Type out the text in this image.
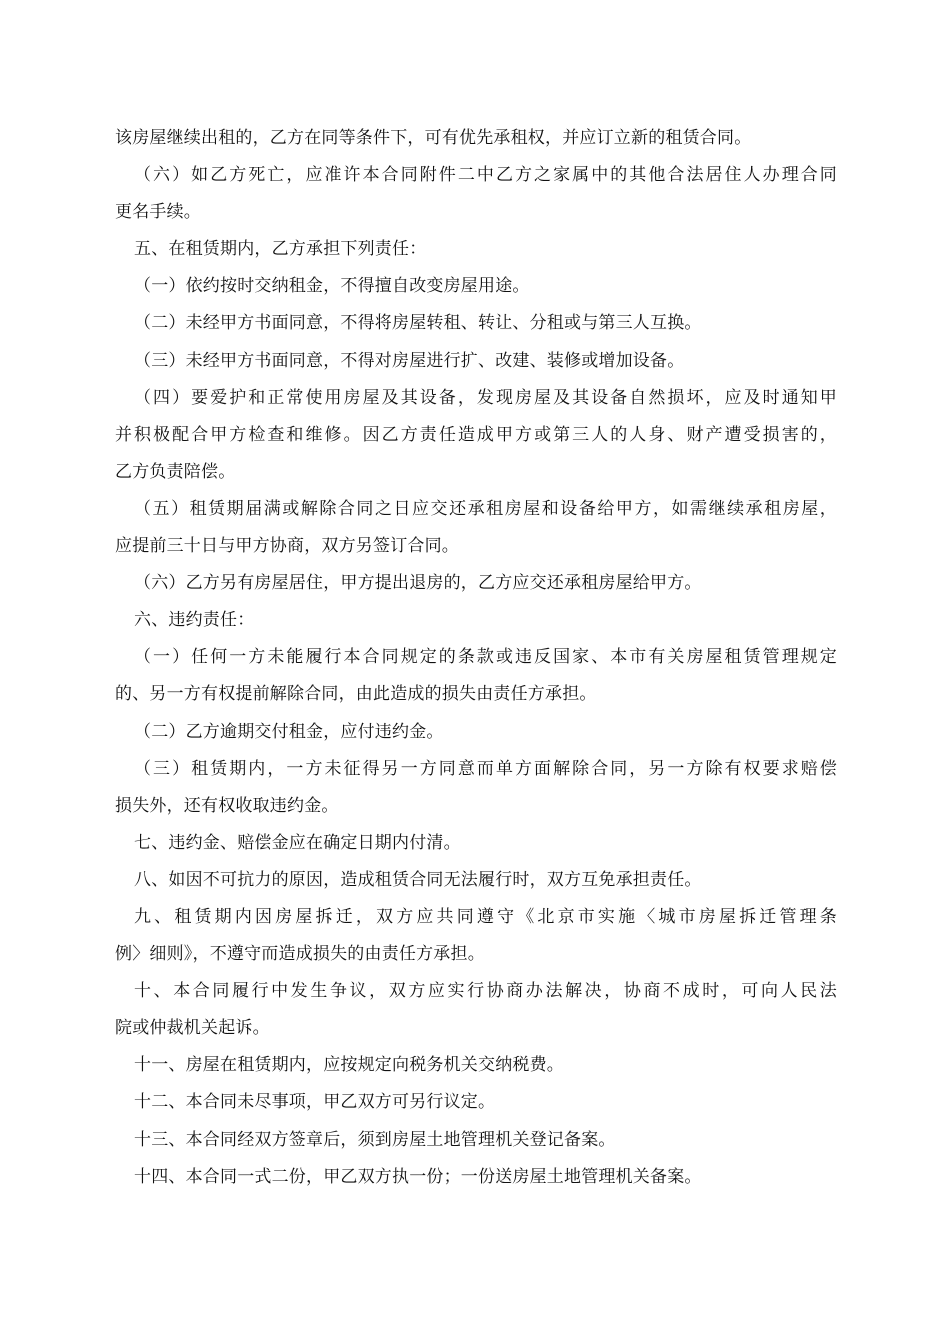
该房屋继续出租的，乙方在同等条件下，可有优先承租权，并应订立新的租赁合同。
（六）如乙方死亡，应准许本合同附件二中乙方之家属中的其他合法居住人办理合同
更名手续。
五、在租赁期内，乙方承担下列责任：
（一）依约按时交纳租金，不得擅自改变房屋用途。
（二）未经甲方书面同意，不得将房屋转租、转让、分租或与第三人互换。
（三）未经甲方书面同意，不得对房屋进行扩、改建、装修或增加设备。
（四）要爱护和正常使用房屋及其设备，发现房屋及其设备自然损坏，应及时通知甲
并积极配合甲方检查和维修。因乙方责任造成甲方或第三人的人身、财产遭受损害的，
乙方负责陪偿。
（五）租赁期届满或解除合同之日应交还承租房屋和设备给甲方，如需继续承租房屋，
应提前三十日与甲方协商，双方另签订合同。
（六）乙方另有房屋居住，甲方提出退房的，乙方应交还承租房屋给甲方。
六、违约责任：
（一）任何一方未能履行本合同规定的条款或违反国家、本市有关房屋租赁管理规定
的、另一方有权提前解除合同，由此造成的损失由责任方承担。
（二）乙方逾期交付租金，应付违约金。
（三）租赁期内，一方未征得另一方同意而单方面解除合同，另一方除有权要求赔偿
损失外，还有权收取违约金。
七、违约金、赔偿金应在确定日期内付清。
八、如因不可抗力的原因，造成租赁合同无法履行时，双方互免承担责任。
九、租赁期内因房屋拆迁，双方应共同遵守《北京市实施〈城市房屋拆迁管理条
例〉细则》，不遵守而造成损失的由责任方承担。
十、本合同履行中发生争议，双方应实行协商办法解决，协商不成时，可向人民法
院或仲裁机关起诉。
十一、房屋在租赁期内，应按规定向税务机关交纳税费。
十二、本合同未尽事项，甲乙双方可另行议定。
十三、本合同经双方签章后，须到房屋土地管理机关登记备案。
十四、本合同一式二份，甲乙双方执一份；一份送房屋土地管理机关备案。
